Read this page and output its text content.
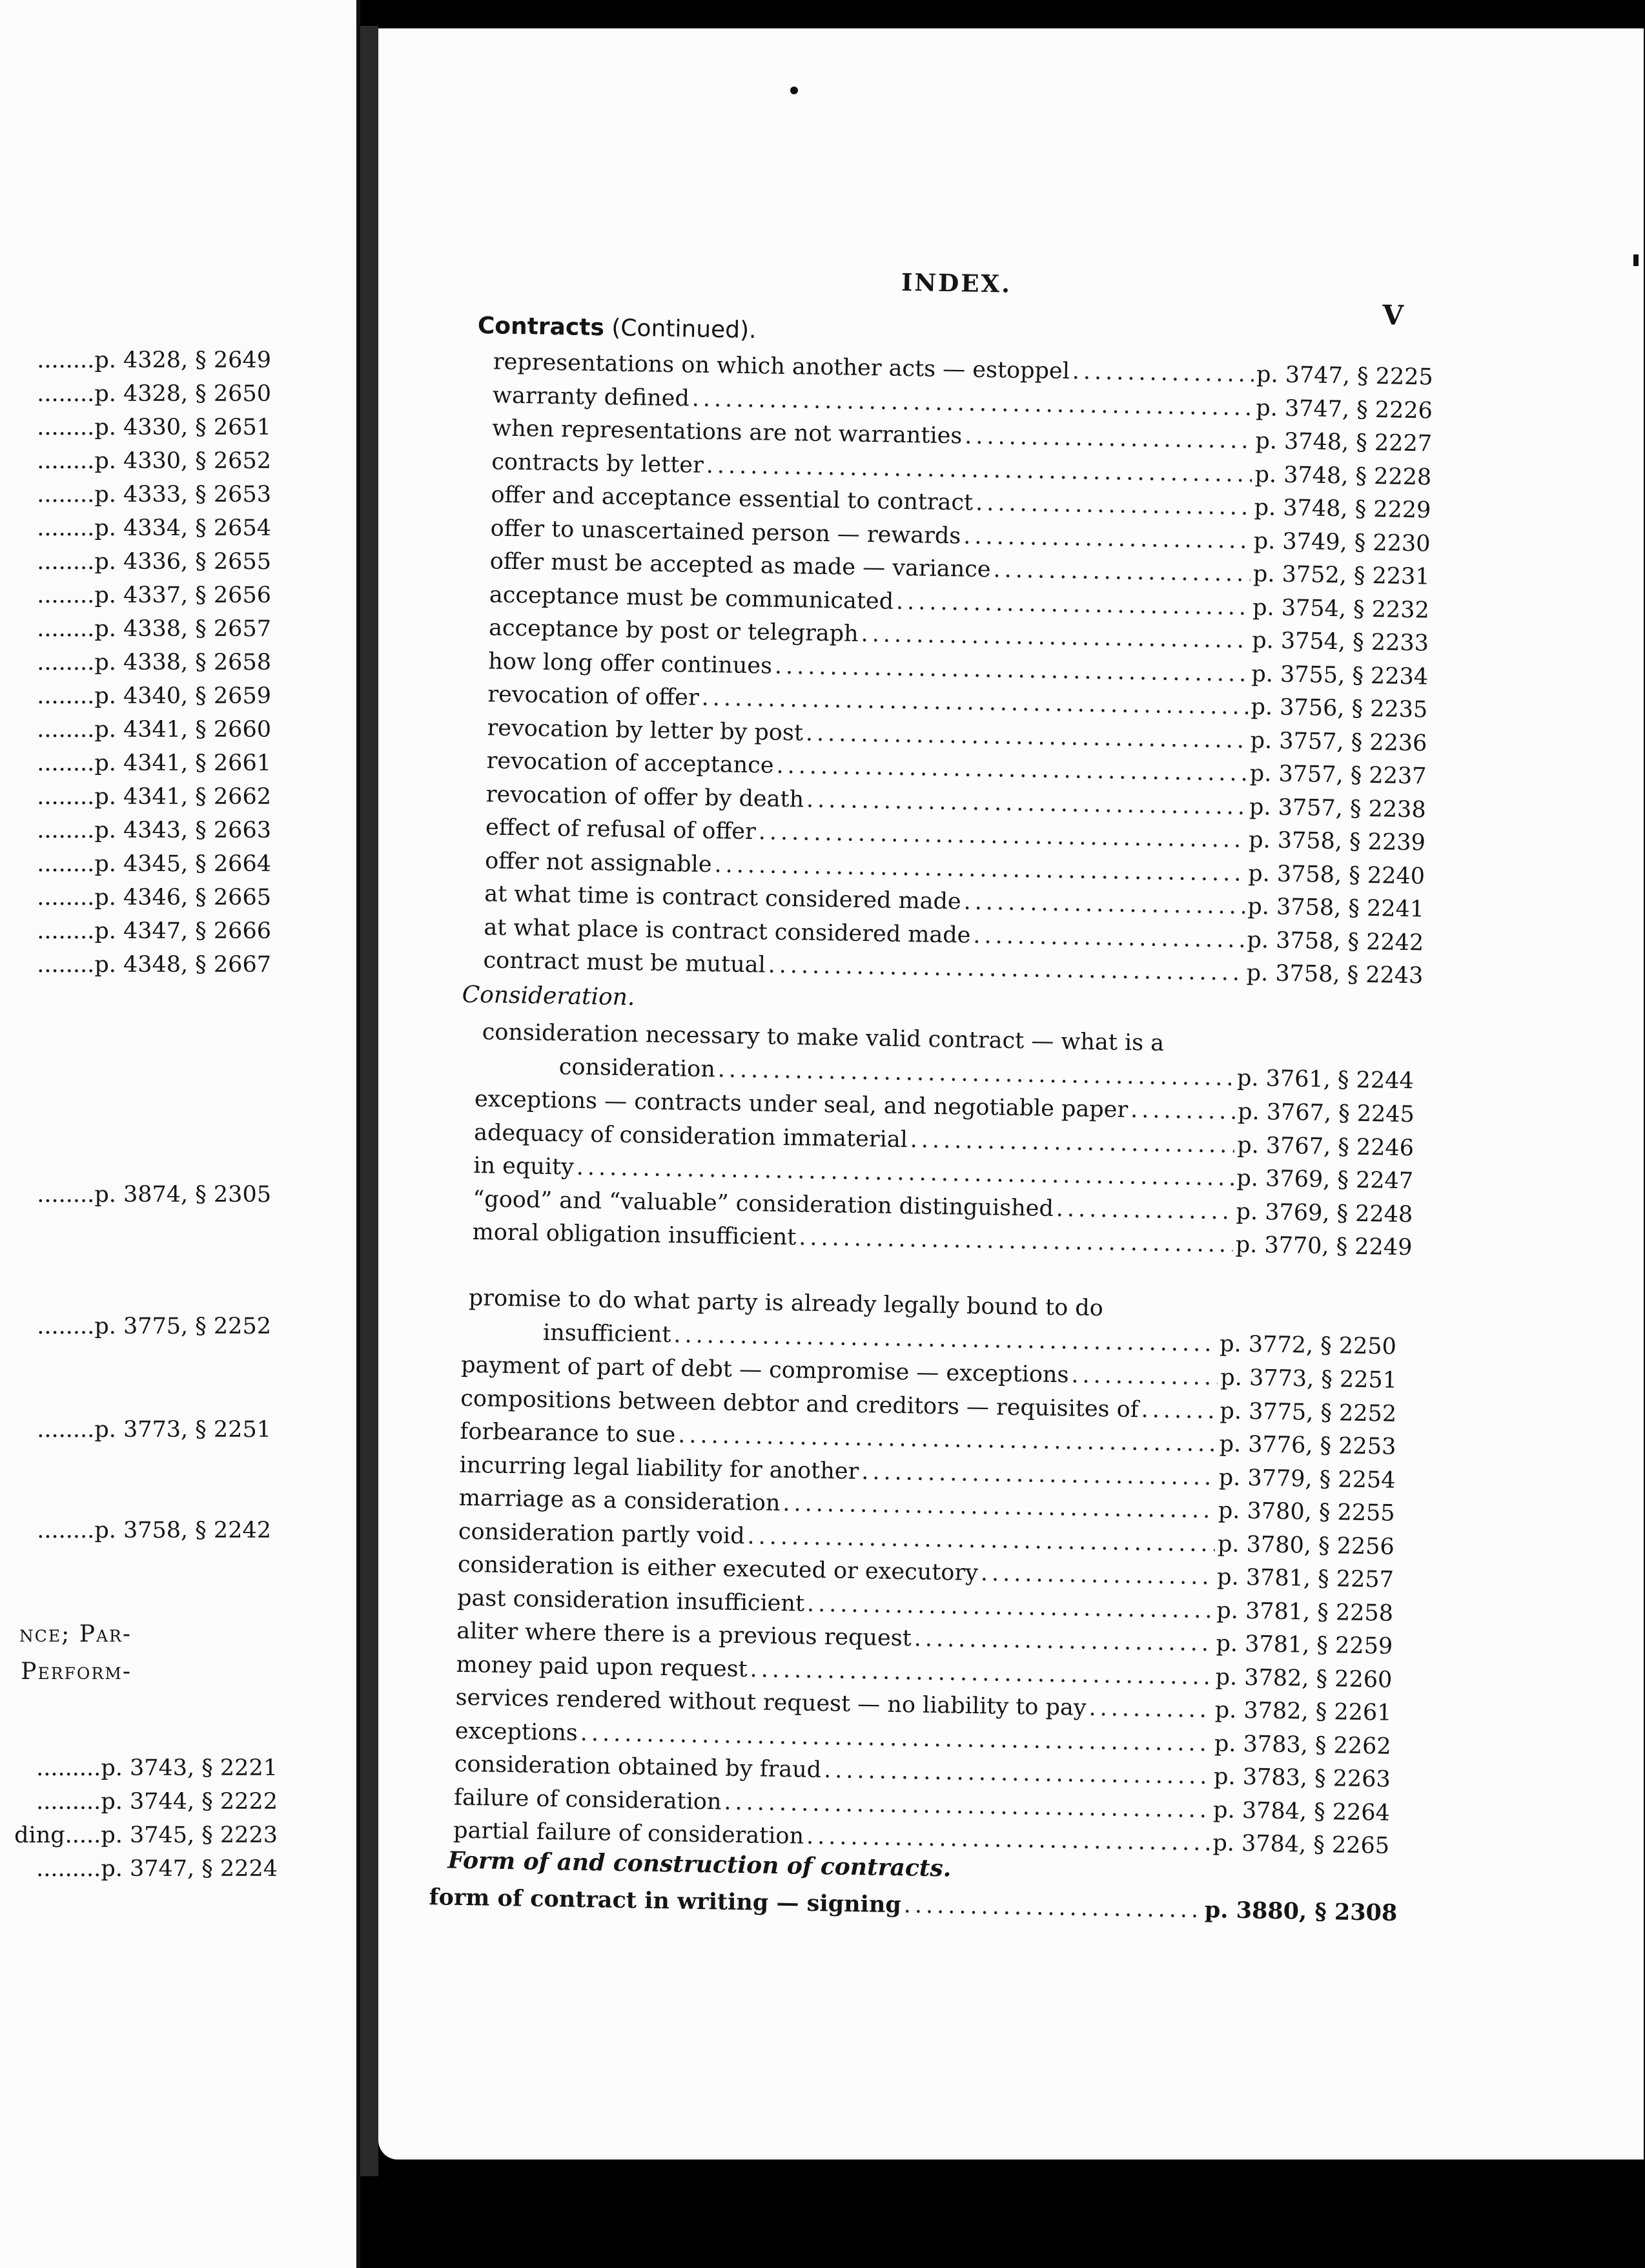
........p. 4328, § 2649
........p. 4328, § 2650
........p. 4330, § 2651
........p. 4330, § 2652
........p. 4333, § 2653
........p. 4334, § 2654
........p. 4336, § 2655
........p. 4337, § 2656
........p. 4338, § 2657
........p. 4338, § 2658
........p. 4340, § 2659
........p. 4341, § 2660
........p. 4341, § 2661
........p. 4341, § 2662
........p. 4343, § 2663
........p. 4345, § 2664
........p. 4346, § 2665
........p. 4347, § 2666
........p. 4348, § 2667
........p. 3874, § 2305
........p. 3775, § 2252
........p. 3773, § 2251
........p. 3758, § 2242
nce; Par-
Perform-
.........p. 3743, § 2221
.........p. 3744, § 2222
ding.....p. 3745, § 2223
.........p. 3747, § 2224
INDEX.
V
Contracts (Continued).
representations on which another acts — estoppel .....	p. 3747, § 2225
warranty defined .....	p. 3747, § 2226
when representations are not warranties .....	p. 3748, § 2227
contracts by letter .....	p. 3748, § 2228
offer and acceptance essential to contract .....	p. 3748, § 2229
offer to unascertained person — rewards .....	p. 3749, § 2230
offer must be accepted as made — variance .....	p. 3752, § 2231
acceptance must be communicated .....	p. 3754, § 2232
acceptance by post or telegraph .....	p. 3754, § 2233
how long offer continues .....	p. 3755, § 2234
revocation of offer .....	p. 3756, § 2235
revocation by letter by post .....	p. 3757, § 2236
revocation of acceptance .....	p. 3757, § 2237
revocation of offer by death .....	p. 3757, § 2238
effect of refusal of offer .....	p. 3758, § 2239
offer not assignable .....	p. 3758, § 2240
at what time is contract considered made .....	p. 3758, § 2241
at what place is contract considered made .....	p. 3758, § 2242
contract must be mutual .....	p. 3758, § 2243
Consideration.
consideration necessary to make valid contract — what is a
consideration .....	p. 3761, § 2244
exceptions — contracts under seal, and negotiable paper .....	p. 3767, § 2245
adequacy of consideration immaterial .....	p. 3767, § 2246
in equity .....	p. 3769, § 2247
“good” and “valuable” consideration distinguished .....	p. 3769, § 2248
moral obligation insufficient .....	p. 3770, § 2249
promise to do what party is already legally bound to do
insufficient .....	p. 3772, § 2250
payment of part of debt — compromise — exceptions .....	p. 3773, § 2251
compositions between debtor and creditors — requisites of .....	p. 3775, § 2252
forbearance to sue .....	p. 3776, § 2253
incurring legal liability for another .....	p. 3779, § 2254
marriage as a consideration .....	p. 3780, § 2255
consideration partly void .....	p. 3780, § 2256
consideration is either executed or executory .....	p. 3781, § 2257
past consideration insufficient .....	p. 3781, § 2258
aliter where there is a previous request .....	p. 3781, § 2259
money paid upon request .....	p. 3782, § 2260
services rendered without request — no liability to pay .....	p. 3782, § 2261
exceptions .....	p. 3783, § 2262
consideration obtained by fraud .....	p. 3783, § 2263
failure of consideration .....	p. 3784, § 2264
partial failure of consideration .....	p. 3784, § 2265
Form of and construction of contracts.
form of contract in writing — signing .....	p. 3880, § 2308
